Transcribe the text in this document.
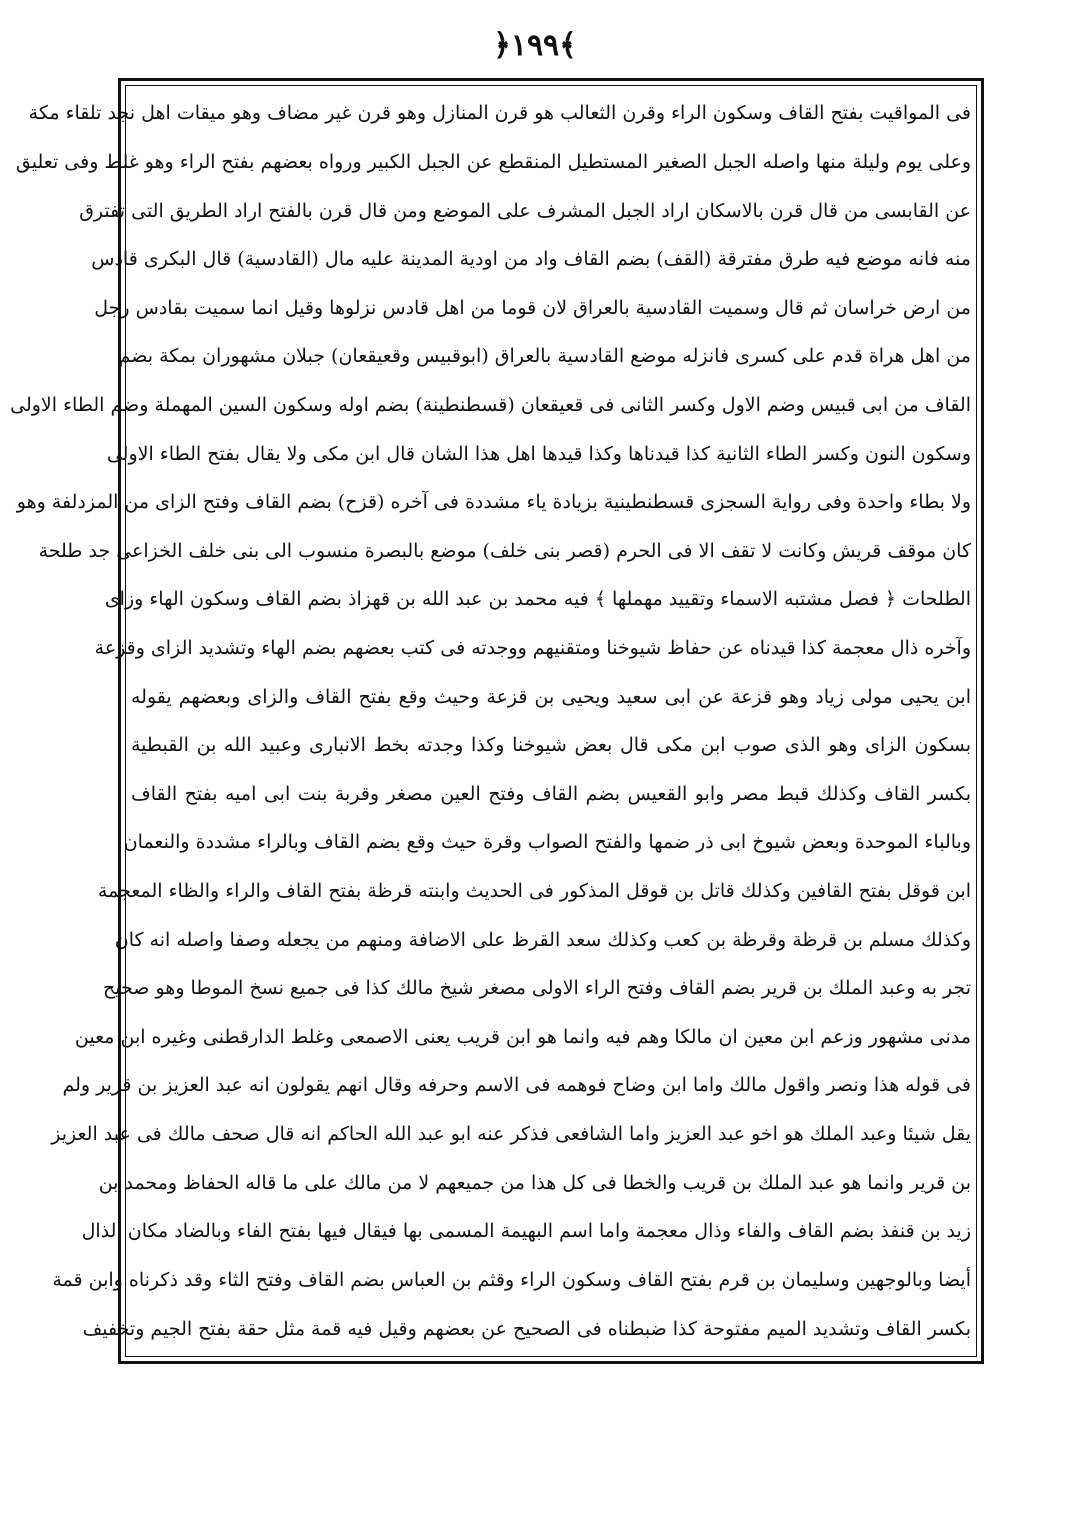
﴿١٩٩﴾
فى المواقيت بفتح القاف وسكون الراء وقرن الثعالب هو قرن المنازل وهو قرن غير مضاف وهو ميقات اهل نجد تلقاء مكة
وعلى يوم وليلة منها واصله الجبل الصغير المستطيل المنقطع عن الجبل الكبير ورواه بعضهم بفتح الراء وهو غلط وفى تعليق
عن القابسى من قال قرن بالاسكان اراد الجبل المشرف على الموضع ومن قال قرن بالفتح اراد الطريق التى تفترق
منه فانه موضع فيه طرق مفترقة (القف) بضم القاف واد من اودية المدينة عليه مال (القادسية) قال البكرى قادس
من ارض خراسان ثم قال وسميت القادسية بالعراق لان قوما من اهل قادس نزلوها وقيل انما سميت بقادس رجل
من اهل هراة قدم على كسرى فانزله موضع القادسية بالعراق (ابوقبيس وقعيقعان) جبلان مشهوران بمكة بضم
القاف من ابى قبيس وضم الاول وكسر الثانى فى قعيقعان (قسطنطينة) بضم اوله وسكون السين المهملة وضم الطاء الاولى
وسكون النون وكسر الطاء الثانية كذا قيدناها وكذا قيدها اهل هذا الشان قال ابن مكى ولا يقال بفتح الطاء الاولى
ولا بطاء واحدة وفى رواية السجزى قسطنطينية بزيادة ياء مشددة فى آخره (قزح) بضم القاف وفتح الزاى من المزدلفة وهو
كان موقف قريش وكانت لا تقف الا فى الحرم (قصر بنى خلف) موضع بالبصرة منسوب الى بنى خلف الخزاعى جد طلحة
الطلحات ﴿ فصل مشتبه الاسماء وتقييد مهملها ﴾ فيه محمد بن عبد الله بن قهزاذ بضم القاف وسكون الهاء وزاى
وآخره ذال معجمة كذا قيدناه عن حفاظ شيوخنا ومتقنيهم ووجدته فى كتب بعضهم بضم الهاء وتشديد الزاى وقزعة
ابن يحيى مولى زياد وهو قزعة عن ابى سعيد ويحيى بن قزعة وحيث وقع بفتح القاف والزاى وبعضهم يقوله
بسكون الزاى وهو الذى صوب ابن مكى قال بعض شيوخنا وكذا وجدته بخط الانبارى وعبيد الله بن القبطية
بكسر القاف وكذلك قبط مصر وابو القعيس بضم القاف وفتح العين مصغر وقربة بنت ابى اميه بفتح القاف
وبالباء الموحدة وبعض شيوخ ابى ذر ضمها والفتح الصواب وقرة حيث وقع بضم القاف وبالراء مشددة والنعمان
ابن قوقل بفتح القافين وكذلك قاتل بن قوقل المذكور فى الحديث وابنته قرظة بفتح القاف والراء والظاء المعجمة
وكذلك مسلم بن قرظة وقرظة بن كعب وكذلك سعد القرظ على الاضافة ومنهم من يجعله وصفا واصله انه كان
تجر به وعبد الملك بن قرير بضم القاف وفتح الراء الاولى مصغر شيخ مالك كذا فى جميع نسخ الموطا وهو صحيح
مدنى مشهور وزعم ابن معين ان مالكا وهم فيه وانما هو ابن قريب يعنى الاصمعى وغلط الدارقطنى وغيره ابن معين
فى قوله هذا ونصر واقول مالك واما ابن وضاح فوهمه فى الاسم وحرفه وقال انهم يقولون انه عبد العزيز بن قرير ولم
يقل شيئا وعبد الملك هو اخو عبد العزيز واما الشافعى فذكر عنه ابو عبد الله الحاكم انه قال صحف مالك فى عبد العزيز
بن قرير وانما هو عبد الملك بن قريب والخطا فى كل هذا من جميعهم لا من مالك على ما قاله الحفاظ ومحمد بن
زيد بن قنفذ بضم القاف والفاء وذال معجمة واما اسم البهيمة المسمى بها فيقال فيها بفتح الفاء وبالضاد مكان الذال
أيضا وبالوجهين وسليمان بن قرم بفتح القاف وسكون الراء وقثم بن العباس بضم القاف وفتح الثاء وقد ذكرناه وابن قمة
بكسر القاف وتشديد الميم مفتوحة كذا ضبطناه فى الصحيح عن بعضهم وقيل فيه قمة مثل حقة بفتح الجيم وتخفيف
